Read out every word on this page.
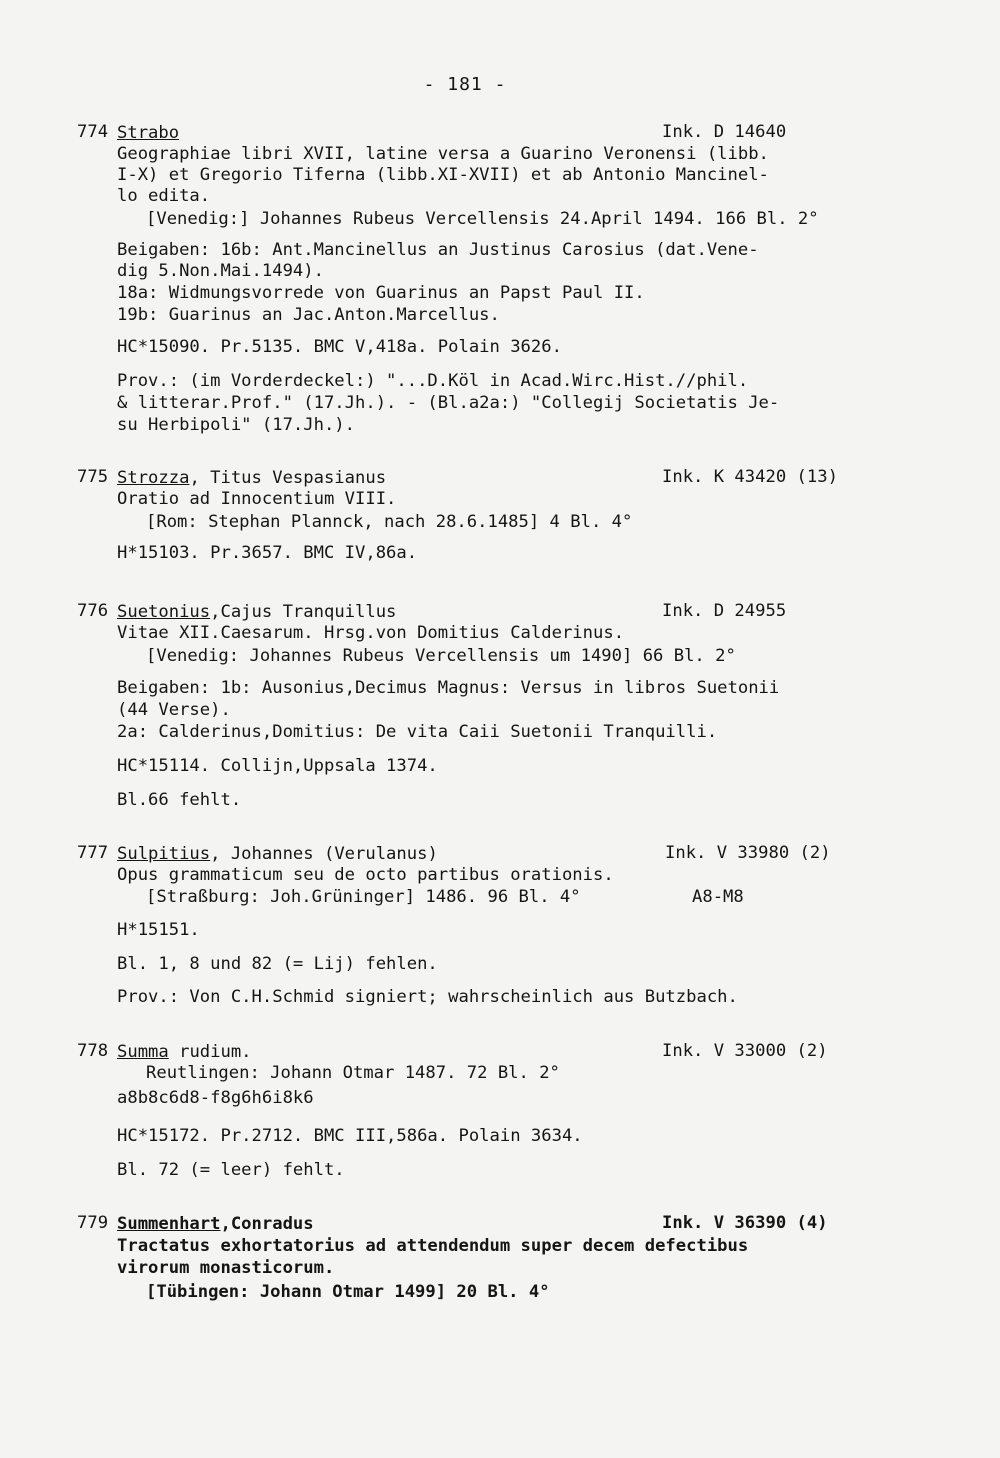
- 181 -
774 Strabo	Ink. D 14640
Geographiae libri XVII, latine versa a Guarino Veronensi (libb.
I-X) et Gregorio Tiferna (libb.XI-XVII) et ab Antonio Mancinel-
lo edita.
[Venedig:] Johannes Rubeus Vercellensis 24.April 1494. 166 Bl. 2°
Beigaben: 16b: Ant.Mancinellus an Justinus Carosius (dat.Vene-
dig 5.Non.Mai.1494).
18a: Widmungsvorrede von Guarinus an Papst Paul II.
19b: Guarinus an Jac.Anton.Marcellus.
HC*15090. Pr.5135. BMC V,418a. Polain 3626.
Prov.: (im Vorderdeckel:) "...D.Köl in Acad.Wirc.Hist.//phil.
& litterar.Prof." (17.Jh.). - (Bl.a2a:) "Collegij Societatis Je-
su Herbipoli" (17.Jh.).
775 Strozza, Titus Vespasianus	Ink. K 43420 (13)
Oratio ad Innocentium VIII.
[Rom: Stephan Plannck, nach 28.6.1485] 4 Bl. 4°
H*15103. Pr.3657. BMC IV,86a.
776 Suetonius,Cajus Tranquillus	Ink. D 24955
Vitae XII.Caesarum. Hrsg.von Domitius Calderinus.
[Venedig: Johannes Rubeus Vercellensis um 1490] 66 Bl. 2°
Beigaben: 1b: Ausonius,Decimus Magnus: Versus in libros Suetonii
(44 Verse).
2a: Calderinus,Domitius: De vita Caii Suetonii Tranquilli.
HC*15114. Collijn,Uppsala 1374.
Bl.66 fehlt.
777 Sulpitius, Johannes (Verulanus)	Ink. V 33980 (2)
Opus grammaticum seu de octo partibus orationis.
[Straßburg: Joh.Grüninger] 1486. 96 Bl. 4°	A8-M8
H*15151.
Bl. 1, 8 und 82 (= Lij) fehlen.
Prov.: Von C.H.Schmid signiert; wahrscheinlich aus Butzbach.
778 Summa rudium.	Ink. V 33000 (2)
Reutlingen: Johann Otmar 1487. 72 Bl. 2°
a8b8c6d8-f8g6h6i8k6
HC*15172. Pr.2712. BMC III,586a. Polain 3634.
Bl. 72 (= leer) fehlt.
779 Summenhart,Conradus	Ink. V 36390 (4)
Tractatus exhortatorius ad attendendum super decem defectibus
virorum monasticorum.
[Tübingen: Johann Otmar 1499] 20 Bl. 4°
